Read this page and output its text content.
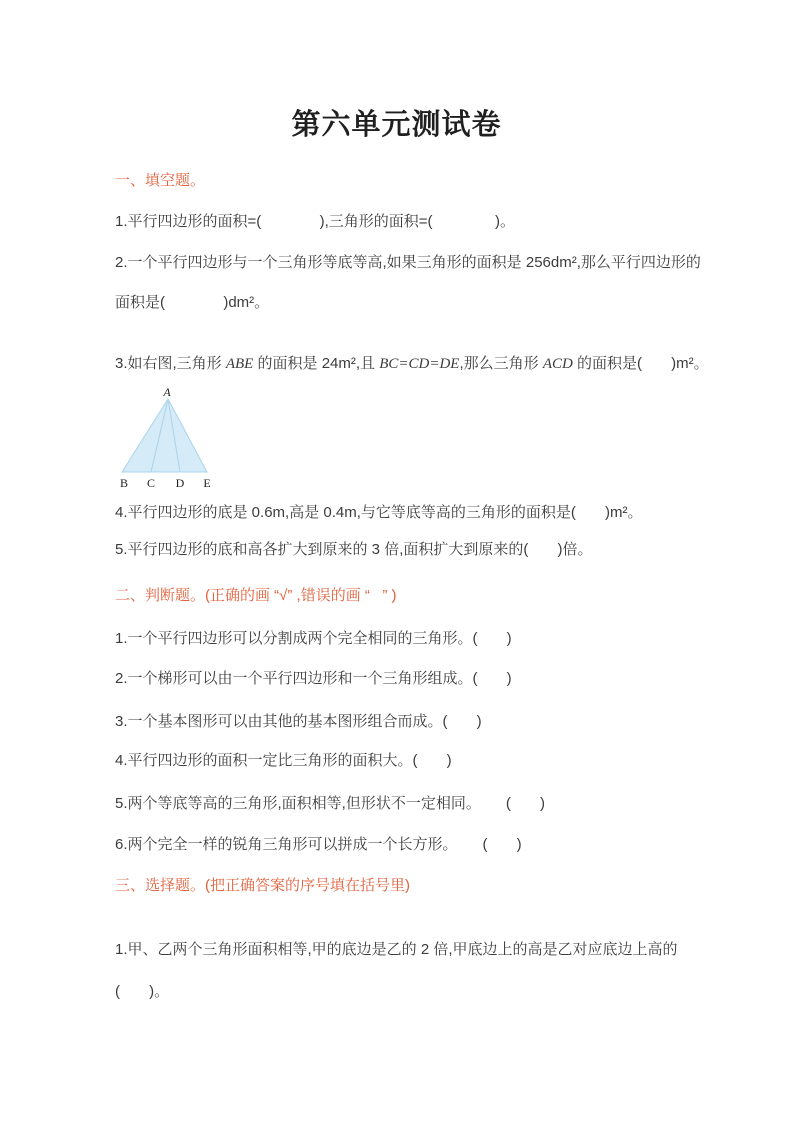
第六单元测试卷
一、填空题。
1.平行四边形的面积=(              ),三角形的面积=(               )。
2.一个平行四边形与一个三角形等底等高,如果三角形的面积是 256dm²,那么平行四边形的
面积是(              )dm²。
3.如右图,三角形 ABE 的面积是 24m²,且 BC=CD=DE,那么三角形 ACD 的面积是(       )m²。
A
B C D E
4.平行四边形的底是 0.6m,高是 0.4m,与它等底等高的三角形的面积是(       )m²。
5.平行四边形的底和高各扩大到原来的 3 倍,面积扩大到原来的(       )倍。
二、判断题。(正确的画 “√” ,错误的画 “   ” )
1.一个平行四边形可以分割成两个完全相同的三角形。(       )
2.一个梯形可以由一个平行四边形和一个三角形组成。(       )
3.一个基本图形可以由其他的基本图形组合而成。(       )
4.平行四边形的面积一定比三角形的面积大。(       )
5.两个等底等高的三角形,面积相等,但形状不一定相同。      (       )
6.两个完全一样的锐角三角形可以拼成一个长方形。      (       )
三、选择题。(把正确答案的序号填在括号里)
1.甲、乙两个三角形面积相等,甲的底边是乙的 2 倍,甲底边上的高是乙对应底边上高的
(       )。
